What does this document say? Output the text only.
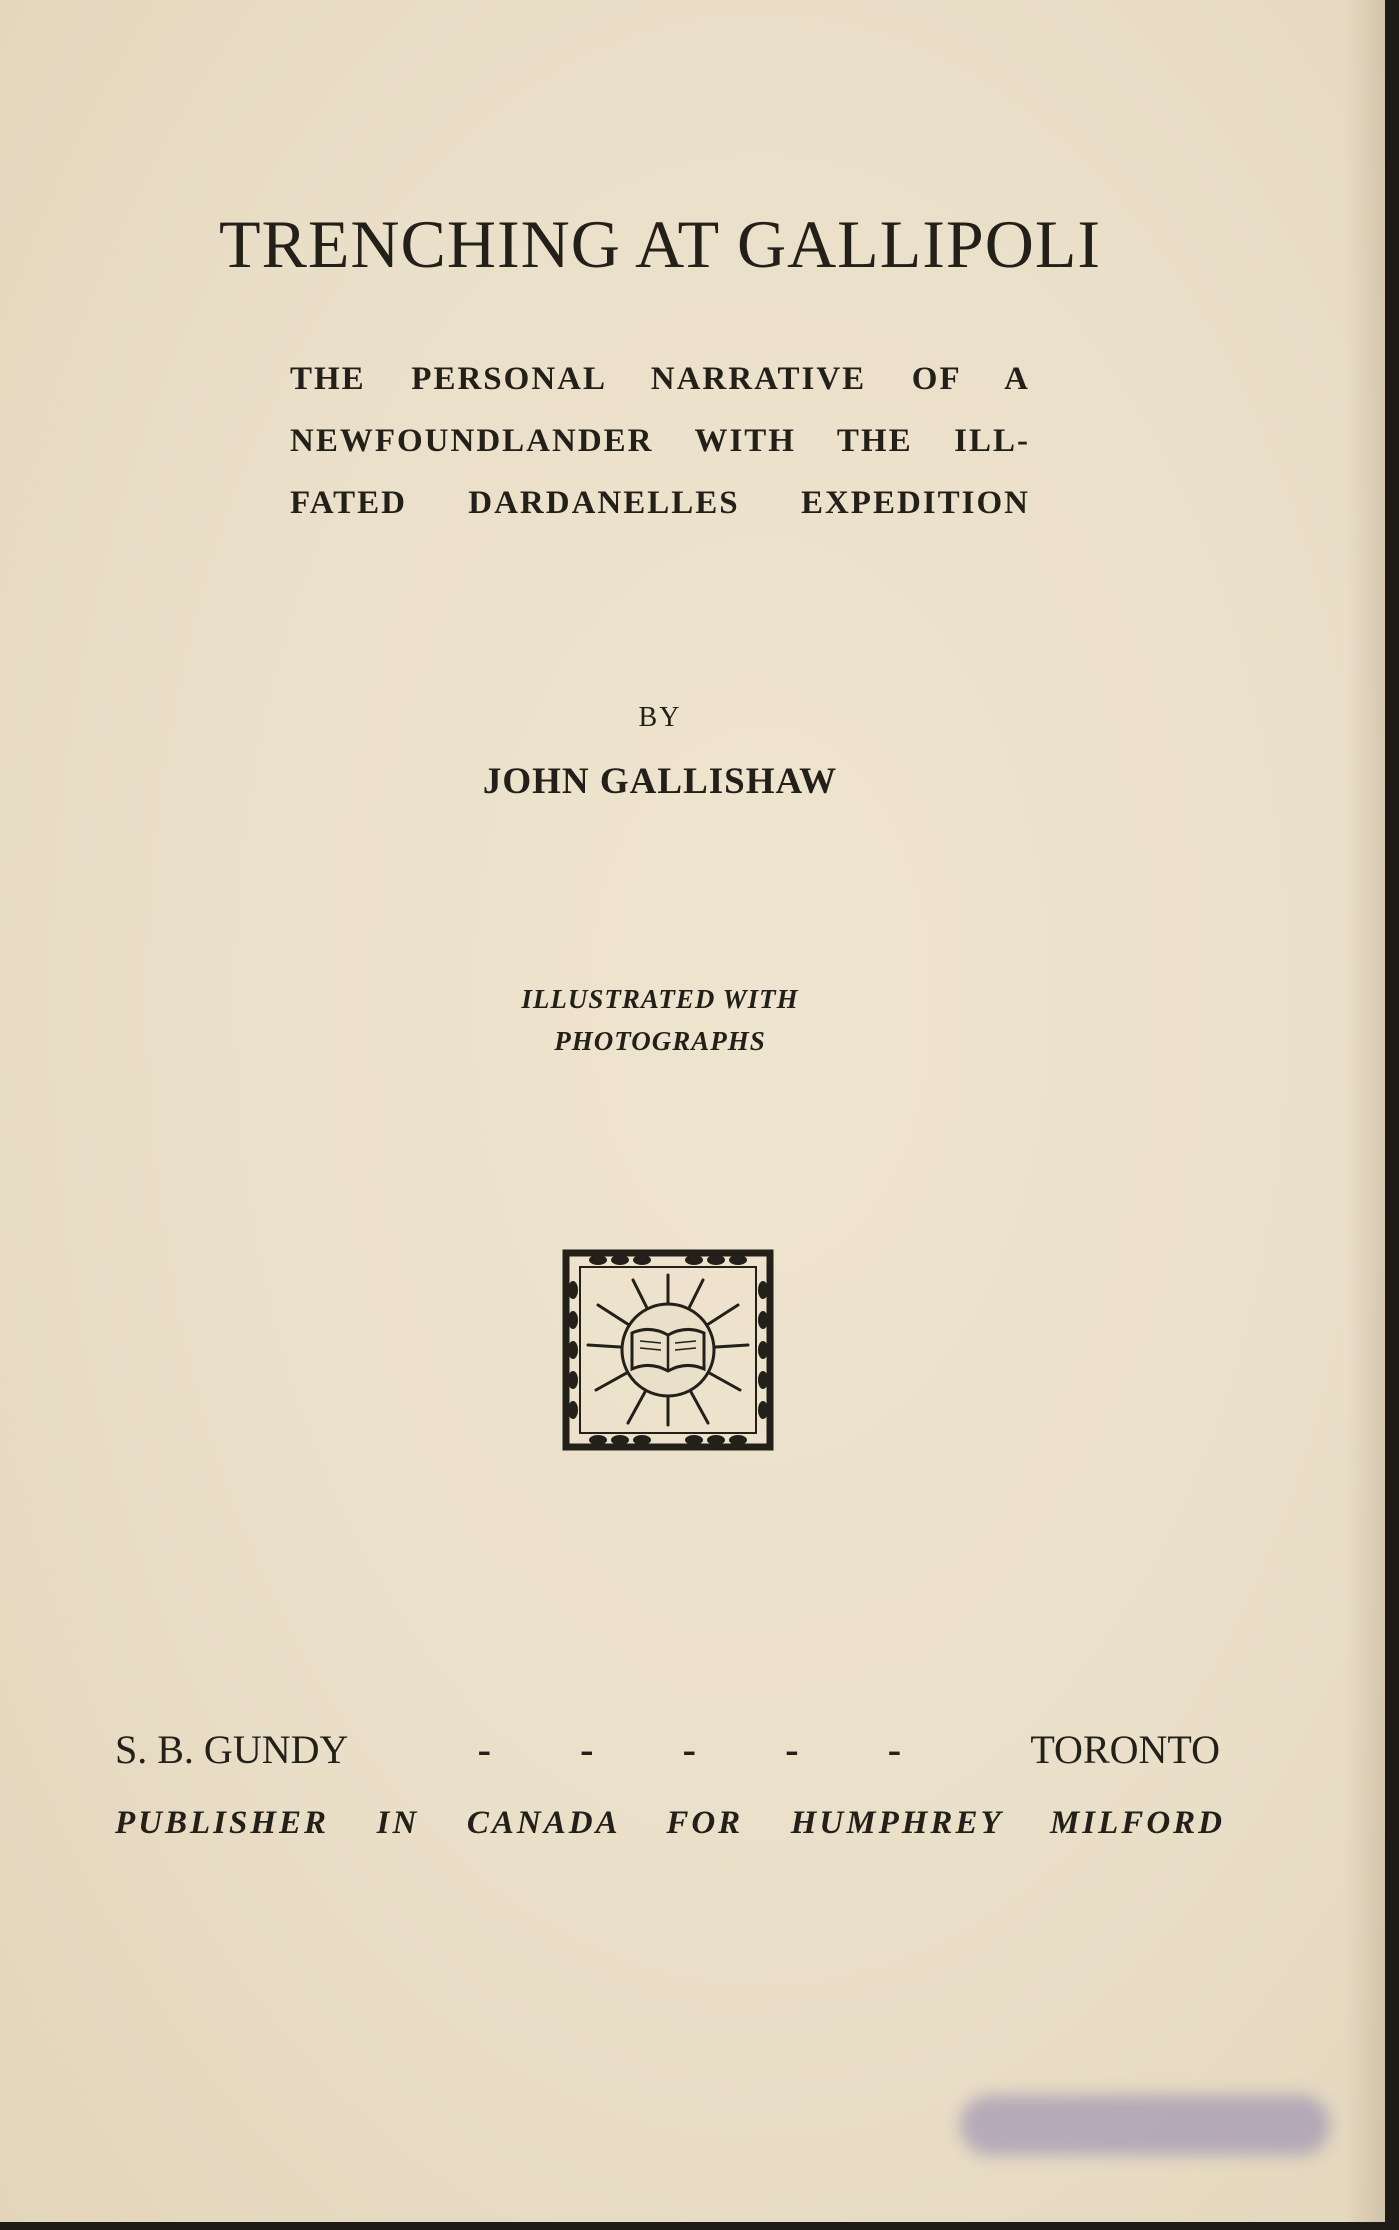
TRENCHING AT GALLIPOLI
THE PERSONAL NARRATIVE OF A
NEWFOUNDLANDER WITH THE ILL-
FATED DARDANELLES EXPEDITION
BY
JOHN GALLISHAW
ILLUSTRATED WITH
PHOTOGRAPHS
S. B. GUNDY	- - - - -	TORONTO
PUBLISHER IN CANADA FOR HUMPHREY MILFORD
